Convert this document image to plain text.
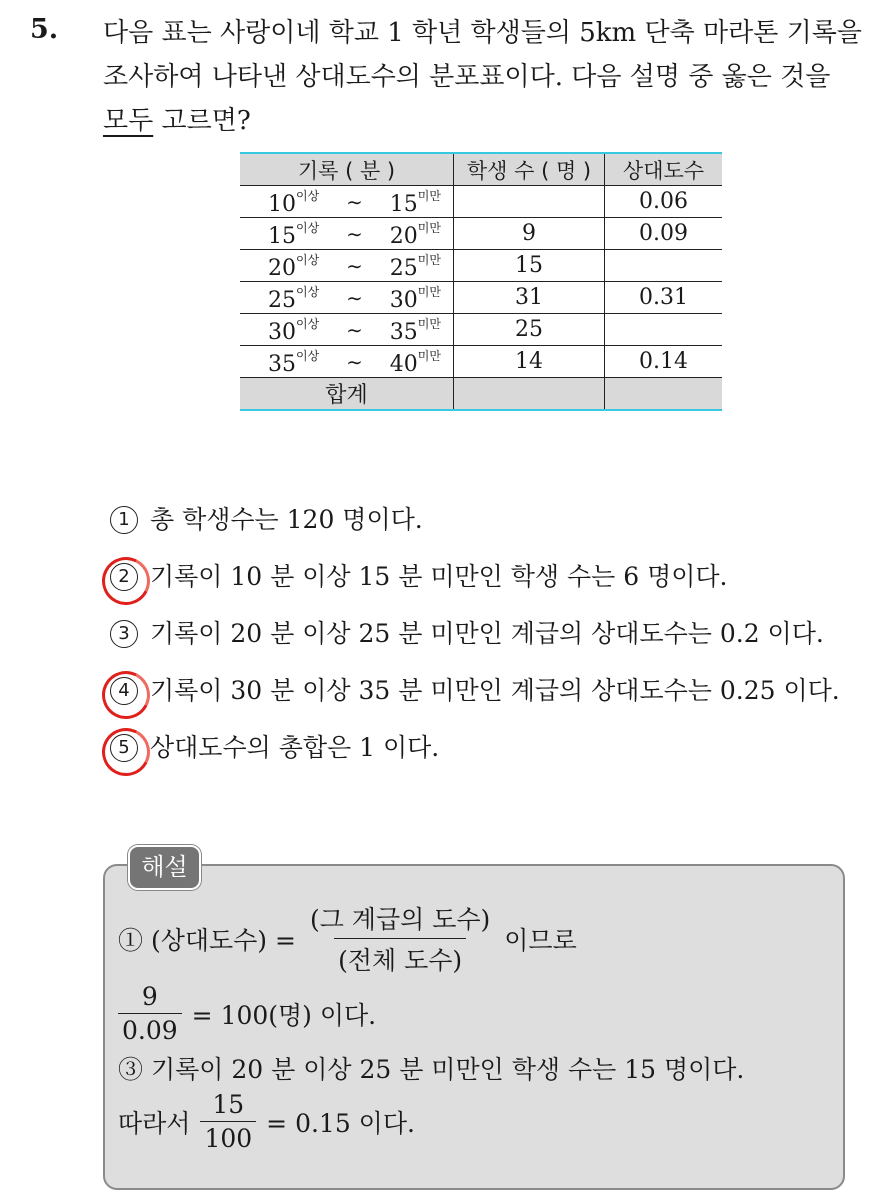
5. 다음 표는 사랑이네 학교 1 학년 학생들의 5km 단축 마라톤 기록을
조사하여 나타낸 상대도수의 분포표이다. 다음 설명 중 옳은 것을
모두 고르면?
기록 ( 분 )	학생 수 ( 명 )	상대도수

$10^{이상}$ ∼ $15^{미만}$		0.06

$15^{이상}$ ∼ $20^{미만}$	9	0.09

$20^{이상}$ ∼ $25^{미만}$	15	

$25^{이상}$ ∼ $30^{미만}$	31	0.31

$30^{이상}$ ∼ $35^{미만}$	25	

$35^{이상}$ ∼ $40^{미만}$	14	0.14
합계		
1 총 학생수는 120 명이다.
2 기록이 10 분 이상 15 분 미만인 학생 수는 6 명이다.
3 기록이 20 분 이상 25 분 미만인 계급의 상대도수는 0.2 이다.
4 기록이 30 분 이상 35 분 미만인 계급의 상대도수는 0.25 이다.
5 상대도수의 총합은 1 이다.
해설
① (상대도수) = $\frac{\text{(그 계급의 도수)}}{\text{(전체 도수)}}$ 이므로
$\frac{9}{0.09} = 100$(명) 이다.
③ 기록이 20 분 이상 25 분 미만인 학생 수는 15 명이다.
따라서 $\frac{15}{100} = 0.15$ 이다.
